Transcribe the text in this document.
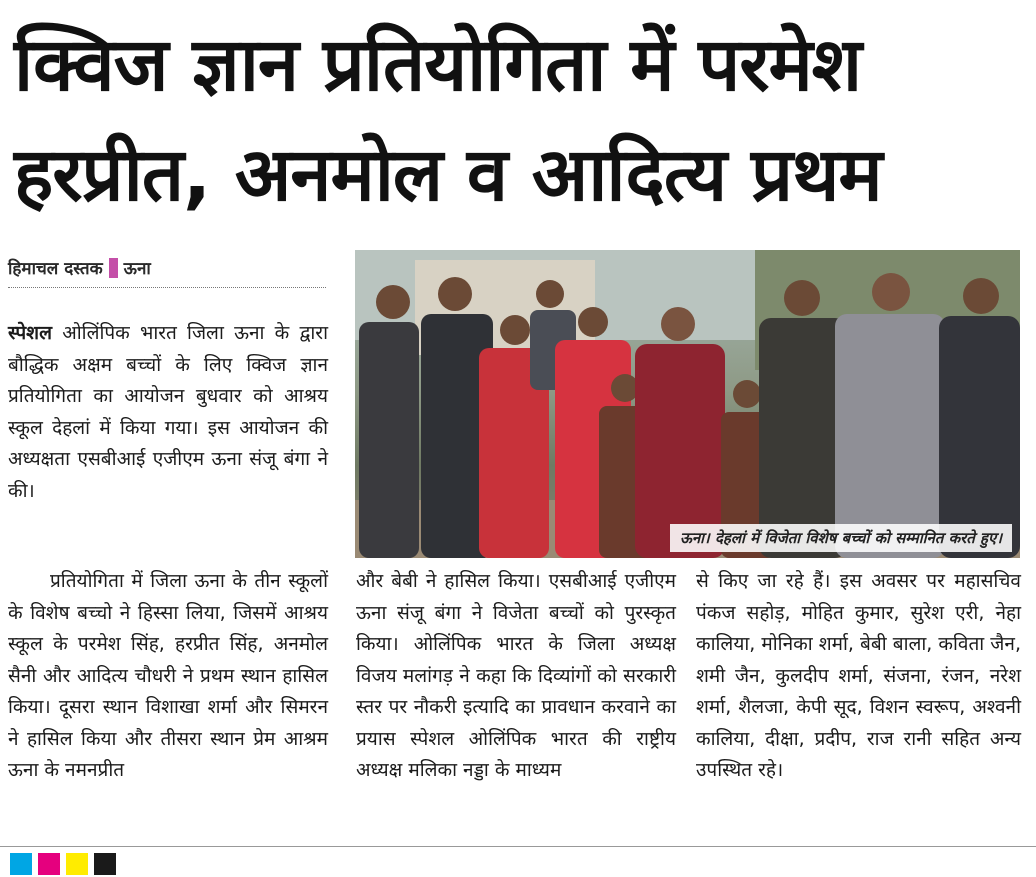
क्विज ज्ञान प्रतियोगिता में परमेश
हरप्रीत, अनमोल व आदित्य प्रथम
हिमाचल दस्तक ऊना
ऊना। देहलां में विजेता विशेष बच्चों को सम्मानित करते हुए।

स्पेशल ओलिंपिक भारत जिला ऊना के द्वारा बौद्धिक अक्षम बच्चों के लिए क्विज ज्ञान प्रतियोगिता का आयोजन बुधवार को आश्रय स्कूल देहलां में किया गया। इस आयोजन की अध्यक्षता एसबीआई एजीएम ऊना संजू बंगा ने की।

प्रतियोगिता में जिला ऊना के तीन स्कूलों के विशेष बच्चो ने हिस्सा लिया, जिसमें आश्रय स्कूल के परमेश सिंह, हरप्रीत सिंह, अनमोल सैनी और आदित्य चौधरी ने प्रथम स्थान हासिल किया। दूसरा स्थान विशाखा शर्मा और सिमरन ने हासिल किया और तीसरा स्थान प्रेम आश्रम ऊना के नमनप्रीत

और बेबी ने हासिल किया। एसबीआई एजीएम ऊना संजू बंगा ने विजेता बच्चों को पुरस्कृत किया। ओलिंपिक भारत के जिला अध्यक्ष विजय मलांगड़ ने कहा कि दिव्यांगों को सरकारी स्तर पर नौकरी इत्यादि का प्रावधान करवाने का प्रयास स्पेशल ओलिंपिक भारत की राष्ट्रीय अध्यक्ष मलिका नड्डा के माध्यम

से किए जा रहे हैं। इस अवसर पर महासचिव पंकज सहोड़, मोहित कुमार, सुरेश एरी, नेहा कालिया, मोनिका शर्मा, बेबी बाला, कविता जैन, शमी जैन, कुलदीप शर्मा, संजना, रंजन, नरेश शर्मा, शैलजा, केपी सूद, विशन स्वरूप, अश्वनी कालिया, दीक्षा, प्रदीप, राज रानी सहित अन्य उपस्थित रहे।
